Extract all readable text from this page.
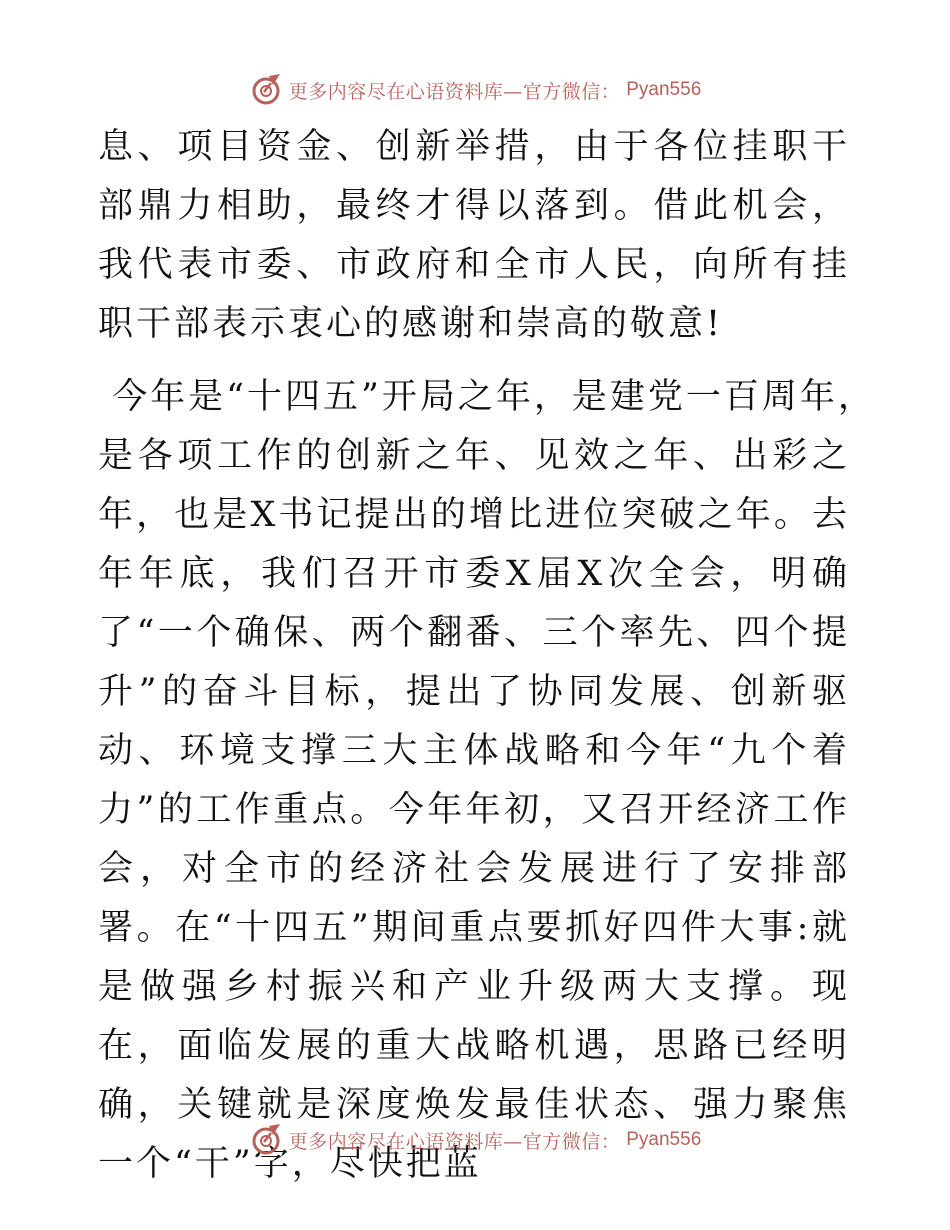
更多内容尽在心语资料库—官方微信： Pyan556

息、项目资金、创新举措，由于各位挂职干部鼎力相助，最终才得以落到。借此机会，我代表市委、市政府和全市人民，向所有挂职干部表示衷心的感谢和崇高的敬意!

今年是“十四五”开局之年，是建党一百周年，

是各项工作的创新之年、见效之年、出彩之年，也是X书记提出的增比进位突破之年。去年年底，我们召开市委X届X次全会，明确了“一个确保、两个翻番、三个率先、四个提升”的奋斗目标，提出了协同发展、创新驱动、环境支撑三大主体战略和今年“九个着力”的工作重点。今年年初，又召开经济工作会，对全市的经济社会发展进行了安排部署。在“十四五”期间重点要抓好四件大事:就是做强乡村振兴和产业升级两大支撑。现在，面临发展的重大战略机遇，思路已经明确，关键就是深度焕发最佳状态、强力聚焦一个“干”字，尽快把蓝

更多内容尽在心语资料库—官方微信： Pyan556
